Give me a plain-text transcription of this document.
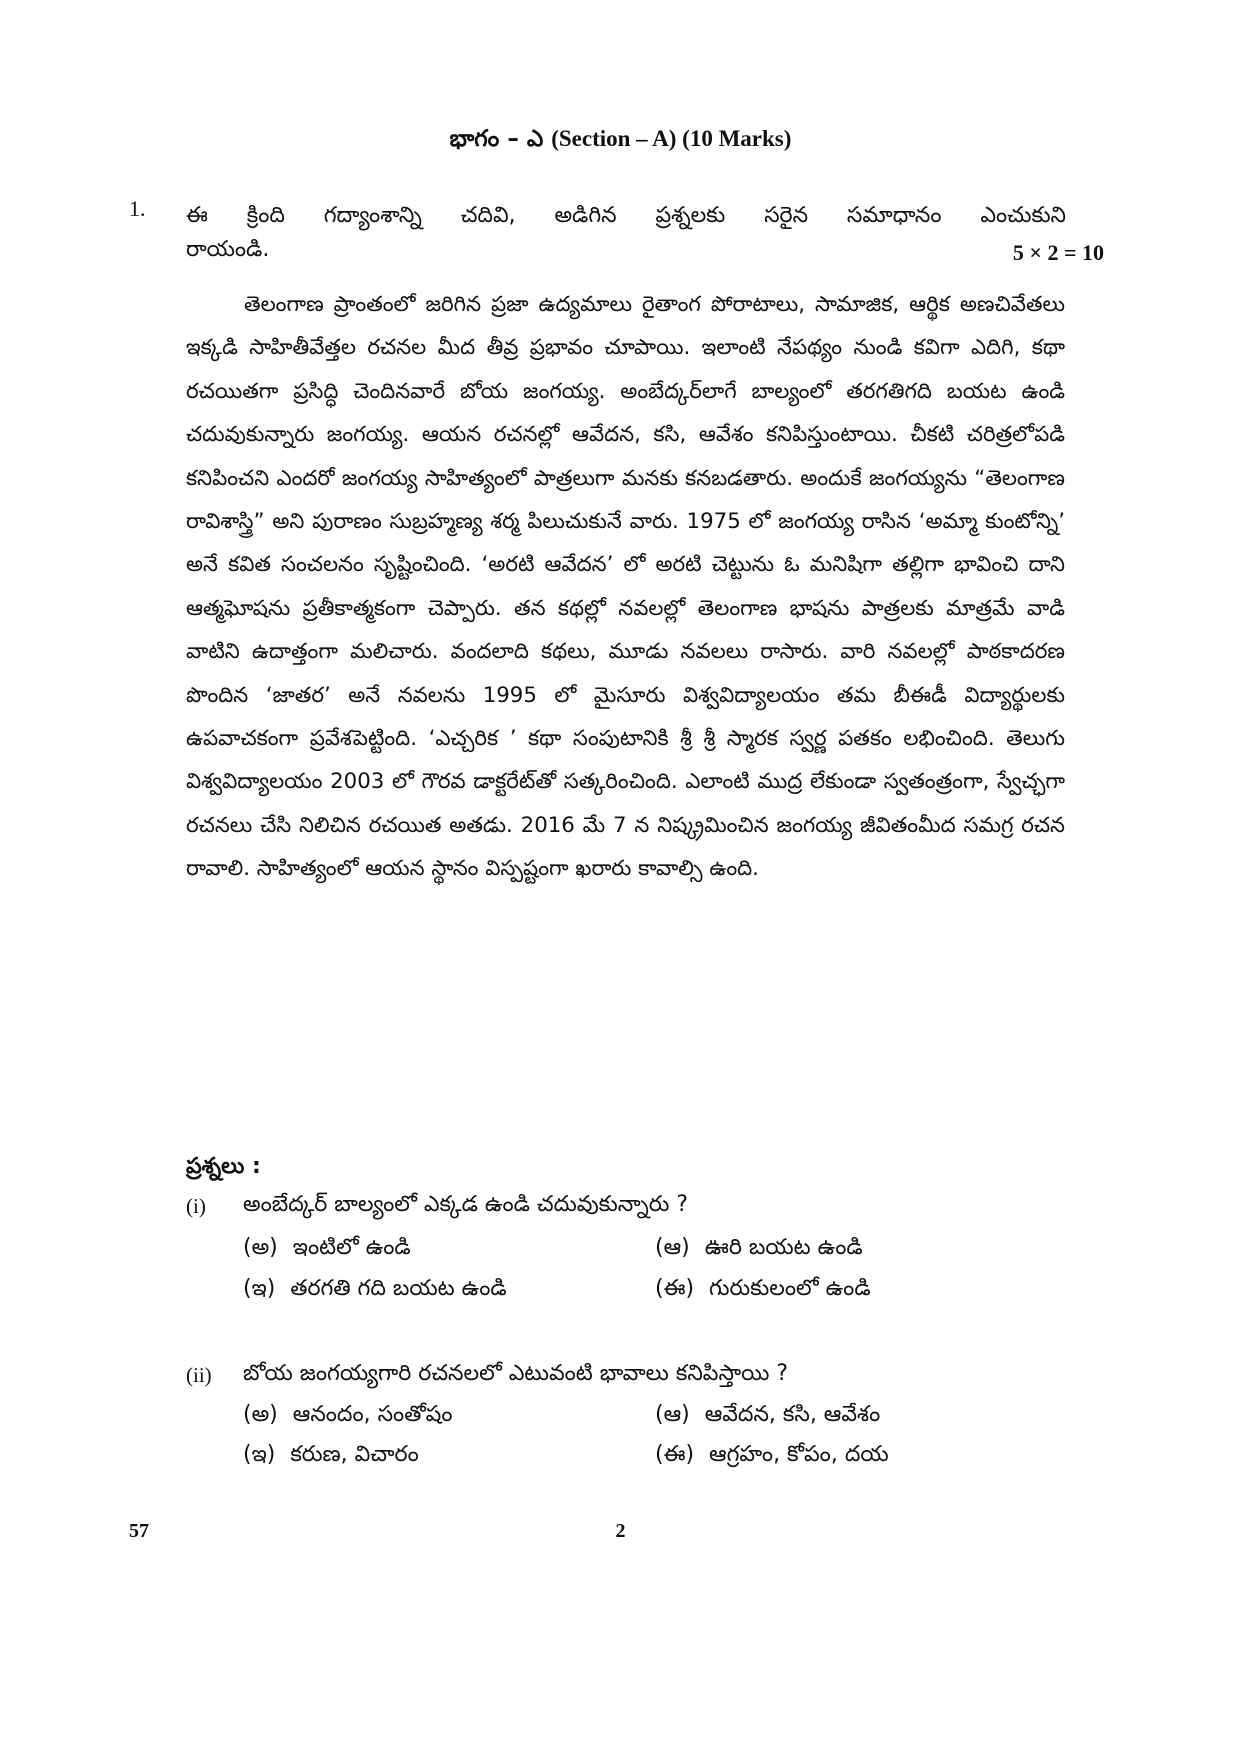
భాగం – ఎ (Section – A) (10 Marks)
1. ఈ క్రింది గద్యాంశాన్ని చదివి, అడిగిన ప్రశ్నలకు సరైన సమాధానం ఎంచుకుని
రాయండి.	5 × 2 = 10

తెలంగాణ ప్రాంతంలో జరిగిన ప్రజా ఉద్యమాలు రైతాంగ పోరాటాలు, సామాజిక, ఆర్థిక అణచివేతలు ఇక్కడి సాహితీవేత్తల రచనల మీద తీవ్ర ప్రభావం చూపాయి. ఇలాంటి నేపథ్యం నుండి కవిగా ఎదిగి, కథా రచయితగా ప్రసిద్ధి చెందినవారే బోయ జంగయ్య. అంబేద్కర్‌లాగే బాల్యంలో తరగతిగది బయట ఉండి చదువుకున్నారు జంగయ్య. ఆయన రచనల్లో ఆవేదన, కసి, ఆవేశం కనిపిస్తుంటాయి. చీకటి చరిత్రలోపడి కనిపించని ఎందరో జంగయ్య సాహిత్యంలో పాత్రలుగా మనకు కనబడతారు. అందుకే జంగయ్యను “తెలంగాణ రావిశాస్త్రి” అని పురాణం సుబ్రహ్మణ్య శర్మ పిలుచుకునే వారు. 1975 లో జంగయ్య రాసిన ‘అమ్మా కుంటోన్ని’ అనే కవిత సంచలనం సృష్టించింది. ‘అరటి ఆవేదన’ లో అరటి చెట్టును ఓ మనిషిగా తల్లిగా భావించి దాని ఆత్మఘోషను ప్రతీకాత్మకంగా చెప్పారు. తన కథల్లో నవలల్లో తెలంగాణ భాషను పాత్రలకు మాత్రమే వాడి వాటిని ఉదాత్తంగా మలిచారు. వందలాది కథలు, మూడు నవలలు రాసారు. వారి నవలల్లో పాఠకాదరణ పొందిన ‘జాతర’ అనే నవలను 1995 లో మైసూరు విశ్వవిద్యాలయం తమ బీఈడీ విద్యార్థులకు ఉపవాచకంగా ప్రవేశపెట్టింది. ‘ఎచ్చరిక ’ కథా సంపుటానికి శ్రీ శ్రీ స్మారక స్వర్ణ పతకం లభించింది. తెలుగు విశ్వవిద్యాలయం 2003 లో గౌరవ డాక్టరేట్‌తో సత్కరించింది. ఎలాంటి ముద్ర లేకుండా స్వతంత్రంగా, స్వేచ్ఛగా రచనలు చేసి నిలిచిన రచయిత అతడు. 2016 మే 7 న నిష్క్రమించిన జంగయ్య జీవితంమీద సమగ్ర రచన రావాలి. సాహిత్యంలో ఆయన స్థానం విస్పష్టంగా ఖరారు కావాల్సి ఉంది.

ప్రశ్నలు :
(i) అంబేద్కర్ బాల్యంలో ఎక్కడ ఉండి చదువుకున్నారు ?
(అ) ఇంటిలో ఉండి	(ఆ) ఊరి బయట ఉండి
(ఇ) తరగతి గది బయట ఉండి	(ఈ) గురుకులంలో ఉండి
(ii) బోయ జంగయ్యగారి రచనలలో ఎటువంటి భావాలు కనిపిస్తాయి ?
(అ) ఆనందం, సంతోషం	(ఆ) ఆవేదన, కసి, ఆవేశం
(ఇ) కరుణ, విచారం	(ఈ) ఆగ్రహం, కోపం, దయ
57	2
